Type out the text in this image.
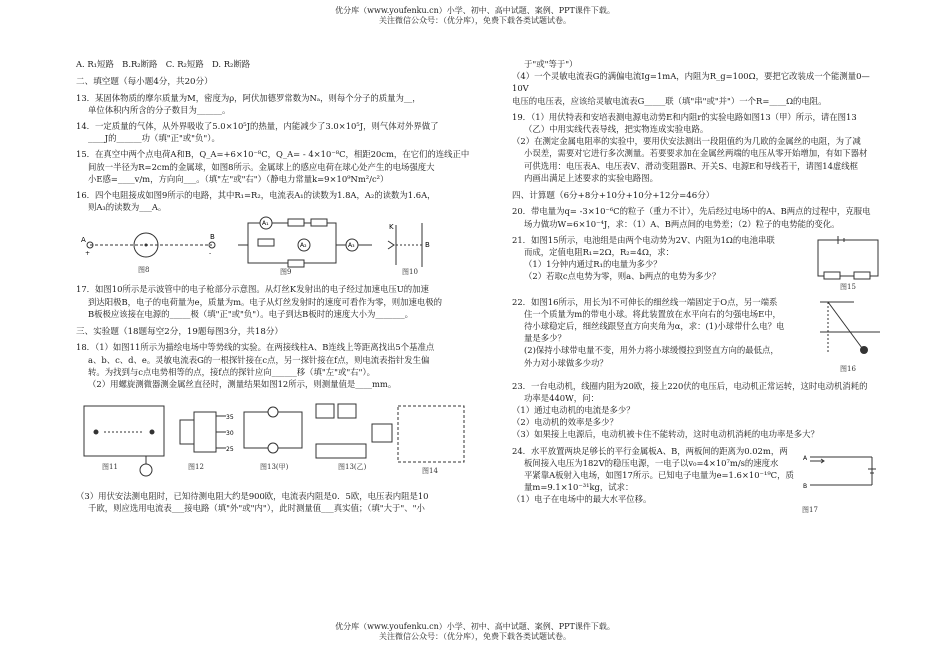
优分库（www.youfenku.cn）小学、初中、高中试题、案例、PPT课件下载。
关注微信公众号：（优分库），免费下载各类试题试卷。

A. R₁短路　B.R₂断路　C. R₂短路　D. R₂断路

二、填空题（每小题4分，共20分）

13．某固体物质的摩尔质量为M，密度为ρ，阿伏加德罗常数为Nₐ，则每个分子的质量为__，

单位体积内所含的分子数目为______。

14．一定质量的气体，从外界吸收了5.0×10⁵J的热量，内能减少了3.0×10⁵J，则气体对外界做了

____J的______功（填"正"或"负"）。

15．在真空中两个点电荷A和B，Q_A=+6×10⁻⁸C，Q_A= - 4×10⁻⁸C，相距20cm，在它们的连线正中

间放一半径为R=2cm的金属球，如图8所示。金属球上的感应电荷在球心处产生的电场强度大

小E感=____v/m，方向向___。（填"左"或"右"）（静电力常量k=9×10⁹Nm²/c²）

16．四个电阻接成如图9所示的电路，其中R₁=R₂，电流表A₁的读数为1.8A，A₂的读数为1.6A，

则A₃的读数为___A。

A	B
+	-
A₁
A₂	A₃
K
B
图8	图9	图10

17．如图10所示是示波管中的电子枪部分示意图。从灯丝K发射出的电子经过加速电压U的加速

到达阳极B，电子的电荷量为e，质量为m。电子从灯丝发射时的速度可看作为零，则加速电极的

B板极应该接在电源的_____极（填"正"或"负"）。电子到达B板时的速度大小为_______。

三、实验题（18题每空2分，19题每图3分，共18分）

18．（1）如图11所示为描绘电场中等势线的实验。在两接线柱A、B连线上等距离找出5个基准点

a、b、c、d、e。灵敏电流表G的一根探针接在c点，另一探针接在f点，则电流表指针发生偏

转。为找到与c点电势相等的点，接f点的探针应向______移（填"左"或"右"）。

（2）用螺旋测微器测金属丝直径时，测量结果如图12所示，则测量值是____mm。

35
30
25
图11	图12	图13(甲)	图13(乙)	图14

（3）用伏安法测电阻时，已知待测电阻大约是900欧，电流表内阻是0．5欧，电压表内阻是10

千欧，则应选用电流表___接电路（填"外"或"内"），此时测量值___真实值；（填"大于"、"小

于"或"等于"）

（4）一个灵敏电流表G的满偏电流Ig=1mA，内阻为R_g=100Ω，要把它改装成一个能测量0—10V

电压的电压表，应该给灵敏电流表G_____联（填"串"或"并"）一个R=____Ω的电阻。

19．（1）用伏特表和安培表测电源电动势E和内阻r的实验电路如图13（甲）所示，请在图13

（乙）中用实线代表导线，把实物连成实验电路。

（2）在测定金属电阻率的实验中，要用伏安法测出一段阻值约为几欧的金属丝的电阻，为了减

小误差，需要对它进行多次测量。若要要求加在金属丝两端的电压从零开始增加，有如下器材

可供选用：电压表A、电压表V、滑动变阻器R、开关S、电源E和导线若干，请图14虚线框

内画出满足上述要求的实验电路图。

四、计算题（6分+8分+10分+10分+12分=46分）

20．带电量为q= -3×10⁻⁶C的粒子（重力不计），先后经过电场中的A、B两点的过程中，克服电

场力做功W=6×10⁻⁴J，求：（1）A、B两点间的电势差；（2）粒子的电势能的变化。

21．如图15所示，电池组是由两个电动势为2V、内阻为1Ω的电池串联

而成，定值电阻R₁=2Ω，R₂=4Ω，求：

（1）1分钟内通过R₁的电量为多少？

（2）若取c点电势为零，则a、b两点的电势为多少？

图15

22．如图16所示，用长为l不可伸长的细丝线一端固定于O点，另一端系

住一个质量为m的带电小球。将此装置放在水平向右的匀强电场E中，

待小球稳定后，细丝线跟竖直方向夹角为α，求：(1)小球带什么电？电

量是多少？

(2)保持小球带电量不变，用外力将小球缓慢拉到竖直方向的最低点，

外力对小球做多少功？

图16

23．一台电动机，线圈内阻为20欧，接上220伏的电压后，电动机正常运转，这时电动机消耗的

功率是440W，问：

（1）通过电动机的电流是多少？

（2）电动机的效率是多少？

（3）如果接上电源后，电动机被卡住不能转动，这时电动机消耗的电功率是多大？

24．水平放置两块足够长的平行金属板A、B，两板间的距离为0.02m，两

板间接入电压为182V的稳压电源，一电子以v₀=4×10⁷m/s的速度水

平紧靠A板射入电场，如图17所示。已知电子电量为e=1.6×10⁻¹⁹C，质

量m=9.1×10⁻³¹kg，试求：

（1）电子在电场中的最大水平位移。

A
B
图17
优分库（www.youfenku.cn）小学、初中、高中试题、案例、PPT课件下载。
关注微信公众号：（优分库），免费下载各类试题试卷。
